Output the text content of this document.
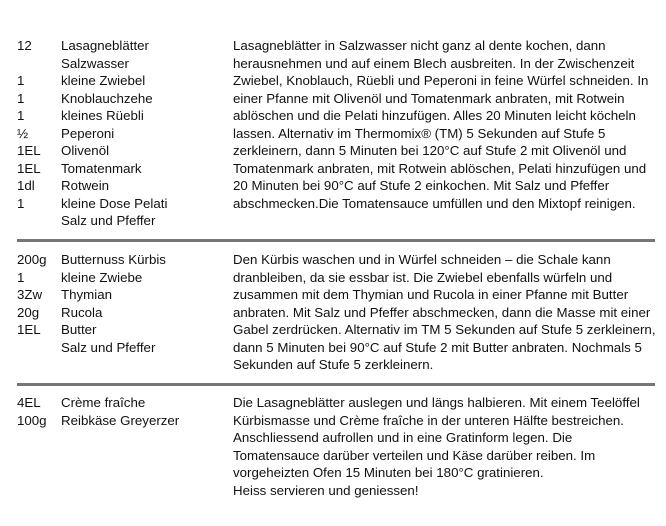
12 Lasagneblätter
Salzwasser
1	kleine Zwiebel
1	Knoblauchzehe
1	kleines Rüebli
½ Peperoni
1EL Olivenöl
1EL Tomatenmark
1dl Rotwein
1	kleine Dose Pelati
Salz und Pfeffer
Lasagneblätter in Salzwasser nicht ganz al dente kochen, dann
herausnehmen und auf einem Blech ausbreiten. In der Zwischenzeit
Zwiebel, Knoblauch, Rüebli und Peperoni in feine Würfel schneiden. In
einer Pfanne mit Olivenöl und Tomatenmark anbraten, mit Rotwein
ablöschen und die Pelati hinzufügen. Alles 20 Minuten leicht köcheln
lassen. Alternativ im Thermomix® (TM) 5 Sekunden auf Stufe 5
zerkleinern, dann 5 Minuten bei 120°C auf Stufe 2 mit Olivenöl und
Tomatenmark anbraten, mit Rotwein ablöschen, Pelati hinzufügen und
20 Minuten bei 90°C auf Stufe 2 einkochen. Mit Salz und Pfeffer
abschmecken.Die Tomatensauce umfüllen und den Mixtopf reinigen.
200g Butternuss Kürbis
1	kleine Zwiebe
3Zw Thymian
20g Rucola
1EL Butter
Salz und Pfeffer
Den Kürbis waschen und in Würfel schneiden – die Schale kann
dranbleiben, da sie essbar ist. Die Zwiebel ebenfalls würfeln und
zusammen mit dem Thymian und Rucola in einer Pfanne mit Butter
anbraten. Mit Salz und Pfeffer abschmecken, dann die Masse mit einer
Gabel zerdrücken. Alternativ im TM 5 Sekunden auf Stufe 5 zerkleinern,
dann 5 Minuten bei 90°C auf Stufe 2 mit Butter anbraten. Nochmals 5
Sekunden auf Stufe 5 zerkleinern.
4EL Crème fraîche
100g Reibkäse Greyerzer
Die Lasagneblätter auslegen und längs halbieren. Mit einem Teelöffel
Kürbismasse und Crème fraîche in der unteren Hälfte bestreichen.
Anschliessend aufrollen und in eine Gratinform legen. Die
Tomatensauce darüber verteilen und Käse darüber reiben. Im
vorgeheizten Ofen 15 Minuten bei 180°C gratinieren.
Heiss servieren und geniessen!
